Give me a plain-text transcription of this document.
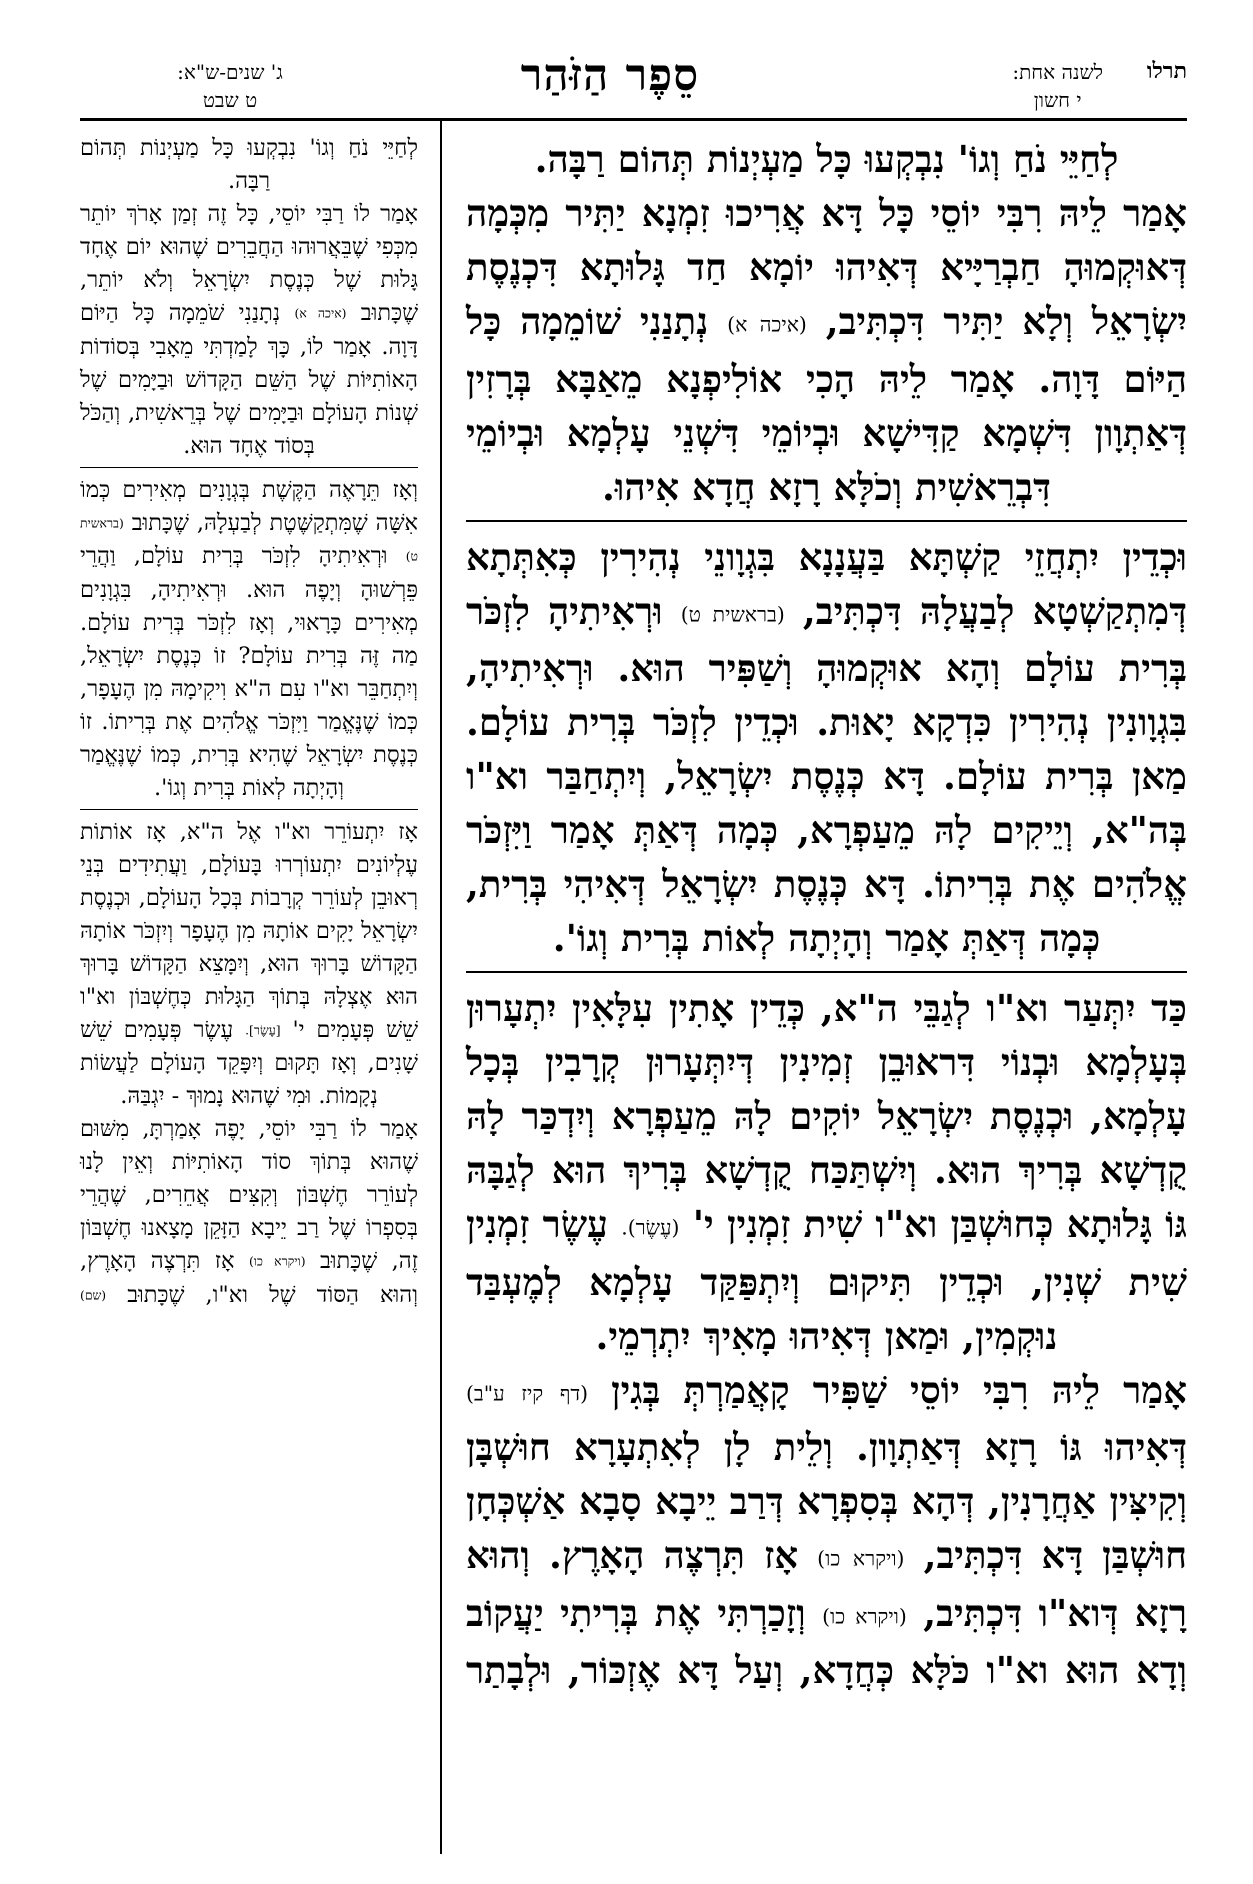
תרלו
לשנה אחת:
י חשון
סֵפֶר הַזֹּהַר
ג' שנים-ש"א:
ט שבט

לְחַיֵּי נֹחַ וְגוֹ' נִבְקְעוּ כָּל מַעְיְנוֹת תְּהוֹם רַבָּה.

אָמַר לֵיהּ רִבִּי יוֹסֵי כָּל דָּא אֲרִיכוּ זִמְנָא יַתִּיר מִכְּמָה דְּאוּקְמוּהָ חַבְרַיָּיא דְּאִיהוּ יוֹמָא חַד גָּלוּתָא דִּכְנֶסֶת יִשְׂרָאֵל וְלָא יַתִּיר דִּכְתִּיב, (איכה א) נְתָנַנִי שׁוֹמֵמָה כָּל הַיּוֹם דָּוָה. אָמַר לֵיהּ הָכִי אוֹלִיפְנָא מֵאַבָּא בְּרָזִין דְּאַתְוָון דִּשְׁמָא קַדִּישָׁא וּבְיוֹמֵי דִּשְׁנֵי עָלְמָא וּבְיוֹמֵי דִּבְרֵאשִׁית וְכֹלָּא רָזָא חֲדָא אִיהוּ.

וּכְדֵין יִתְחֲזֵי קַשְׁתָּא בַּעֲנָנָא בִּגְוָונֵי נְהִירִין כְּאִתְּתָא דְּמִתְקַשְׁטָא לְבַעֲלָהּ דִּכְתִּיב, (בראשית ט) וּרְאִיתִיהָ לִזְכֹּר בְּרִית עוֹלָם וְהָא אוּקְמוּהָ וְשַׁפִּיר הוּא. וּרְאִיתִיהָ, בִּגְוָונִין נְהִירִין כִּדְקָא יָאוּת. וּכְדֵין לִזְכֹּר בְּרִית עוֹלָם. מַאן בְּרִית עוֹלָם. דָּא כְּנֶסֶת יִשְׂרָאֵל, וְיִתְחַבַּר וא"ו בְּה"א, וְיֵיקִים לָהּ מֵעַפְרָא, כְּמָה דְּאַתְּ אָמַר וַיִּזְכֹּר אֱלֹהִים אֶת בְּרִיתוֹ. דָּא כְּנֶסֶת יִשְׂרָאֵל דְּאִיהִי בְּרִית, כְּמָה דְּאַתְּ אָמַר וְהָיְתָה לְאוֹת בְּרִית וְגוֹ'.

כַּד יִתְּעַר וא"ו לְגַבֵּי ה"א, כְּדֵין אָתִין עִלָּאִין יִתְעָרוּן בְּעָלְמָא וּבְנוֹי דִּראוּבֵן זְמִינִין דְּיִתְּעָרוּן קְרָבִין בְּכָל עָלְמָא, וּכְנֶסֶת יִשְׂרָאֵל יוֹקִים לָהּ מֵעַפְרָא וְיִדְכַּר לָהּ קֻדְשָׁא בְּרִיךְ הוּא. וְיִשְׁתַּכַּח קֻדְשָׁא בְּרִיךְ הוּא לְגַבָּהּ גּוֹ גָּלוּתָא כְּחוּשְׁבַּן וא"ו שִׁית זִמְנִין י' (עֶשֶׂר). עֶשֶׂר זִמְנִין שִׁית שְׁנִין, וּכְדֵין תִּיקוּם וְיִתְפַּקַּד עָלְמָא לְמֶעְבַּד נוּקְמִין, וּמַאן דְּאִיהוּ מָאִיךְ יִתְרְמֵי.

אָמַר לֵיהּ רִבִּי יוֹסֵי שַׁפִּיר קָאֲמַרְתְּ בְּגִין (דף קיז ע"ב) דְּאִיהוּ גּוֹ רָזָא דְּאַתְוָון. וְלֵית לָן לְאִתְעָרָא חוּשְׁבָּן וְקִיצִּין אַחֲרָנִין, דְּהָא בְּסִפְרָא דְּרַב יֵיבָא סָבָא אַשְׁכְּחָן חוּשְׁבַּן דָּא דִּכְתִּיב, (ויקרא כו) אָז תִּרְצֶה הָאָרֶץ. וְהוּא רָזָא דְּוא"ו דִּכְתִּיב, (ויקרא כו) וְזָכַרְתִּי אֶת בְּרִיתִי יַעֲקוֹב וְדָא הוּא וא"ו כֹּלָּא כְּחֲדָא, וְעַל דָּא אֶזְכּוֹר, וּלְבָתַר

לְחַיֵּי נֹחַ וְגוֹ' נִבְקְעוּ כָּל מַעְיְנוֹת תְּהוֹם רַבָּה.

אָמַר לוֹ רַבִּי יוֹסֵי, כָּל זֶה זְמַן אָרֹךְ יוֹתֵר מִכְּפִי שֶׁבֵּאֲרוּהוּ הַחֲבֵרִים שֶׁהוּא יוֹם אֶחָד גָּלוּת שֶׁל כְּנֶסֶת יִשְׂרָאֵל וְלֹא יוֹתֵר, שֶׁכָּתוּב (איכה א) נְתָנַנִי שֹׁמֵמָה כָּל הַיּוֹם דָּוָה. אָמַר לוֹ, כָּךְ לָמַדְתִּי מֵאָבִי בְּסוֹדוֹת הָאוֹתִיּוֹת שֶׁל הַשֵּׁם הַקָּדוֹשׁ וּבַיָּמִים שֶׁל שְׁנוֹת הָעוֹלָם וּבַיָּמִים שֶׁל בְּרֵאשִׁית, וְהַכֹּל בְּסוֹד אֶחָד הוּא.

וְאָז תֵּרָאֶה הַקֶּשֶׁת בְּגְוָנִים מְאִירִים כְּמוֹ אִשָּׁה שֶׁמִּתְקַשֶּׁטֶת לְבַעְלָהּ, שֶׁכָּתוּב (בראשית ט) וּרְאִיתִיהָ לִזְכֹּר בְּרִית עוֹלָם, וַהֲרֵי פֵּרְשׁוּהָ וְיָפֶה הוּא. וּרְאִיתִיהָ, בִּגְוָנִים מְאִירִים כָּרָאוּי, וְאָז לִזְכֹּר בְּרִית עוֹלָם. מַה זֶּה בְּרִית עוֹלָם? זוֹ כְּנֶסֶת יִשְׂרָאֵל, וְיִתְחַבֵּר וא"ו עִם ה"א וִיקִימָהּ מִן הֶעָפָר, כְּמוֹ שֶׁנֶּאֱמַר וַיִּזְכֹּר אֱלֹהִים אֶת בְּרִיתוֹ. זוֹ כְּנֶסֶת יִשְׂרָאֵל שֶׁהִיא בְּרִית, כְּמוֹ שֶׁנֶּאֱמַר וְהָיְתָה לְאוֹת בְּרִית וְגוֹ'.

אָז יִתְעוֹרֵר וא"ו אֶל ה"א, אָז אוֹתוֹת עֶלְיוֹנִים יִתְעוֹרְרוּ בָּעוֹלָם, וַעֲתִידִים בְּנֵי רְאוּבֵן לְעוֹרֵר קְרָבוֹת בְּכָל הָעוֹלָם, וּכְנֶסֶת יִשְׂרָאֵל יָקִים אוֹתָהּ מִן הֶעָפָר וְיִזְכֹּר אוֹתָהּ הַקָּדוֹשׁ בָּרוּךְ הוּא, וְיִמָּצֵא הַקָּדוֹשׁ בָּרוּךְ הוּא אֶצְלָהּ בְּתוֹךְ הַגָּלוּת כְּחֶשְׁבּוֹן וא"ו שֵׁשׁ פְּעָמִים י' [עֶשֶׂר]. עֶשֶׂר פְּעָמִים שֵׁשׁ שָׁנִים, וְאָז תָּקוּם וְיִפָּקֵד הָעוֹלָם לַעֲשׂוֹת נְקָמוֹת. וּמִי שֶׁהוּא נָמוּךְ - יִגְבַּהּ.

אָמַר לוֹ רַבִּי יוֹסֵי, יָפֶה אָמַרְתָּ, מִשּׁוּם שֶׁהוּא בְּתוֹךְ סוֹד הָאוֹתִיּוֹת וְאֵין לָנוּ לְעוֹרֵר חֶשְׁבּוֹן וְקִצִּים אֲחֵרִים, שֶׁהֲרֵי בְּסִפְרוֹ שֶׁל רַב יֵיבָא הַזָּקֵן מָצָאנוּ חֶשְׁבּוֹן זֶה, שֶׁכָּתוּב (ויקרא כו) אָז תִּרְצֶה הָאָרֶץ, וְהוּא הַסּוֹד שֶׁל וא"ו, שֶׁכָּתוּב (שם)
